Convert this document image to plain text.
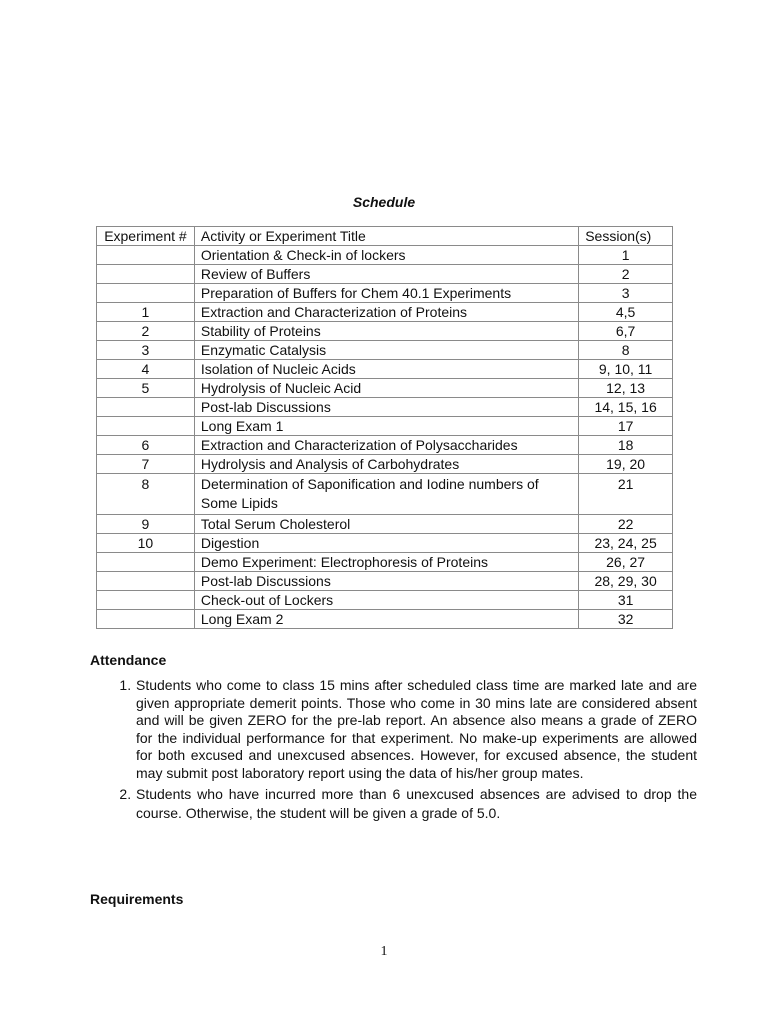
Schedule
Experiment #	Activity or Experiment Title	Session(s)
	Orientation & Check-in of lockers	1
	Review of Buffers	2
	Preparation of Buffers for Chem 40.1 Experiments	3
1	Extraction and Characterization of Proteins	4,5
2	Stability of Proteins	6,7
3	Enzymatic Catalysis	8
4	Isolation of Nucleic Acids	9, 10, 11
5	Hydrolysis of Nucleic Acid	12, 13
	Post-lab Discussions	14, 15, 16
	Long Exam 1	17
6	Extraction and Characterization of Polysaccharides	18
7	Hydrolysis and Analysis of Carbohydrates	19, 20
8	Determination of Saponification and Iodine numbers of Some Lipids	21
9	Total Serum Cholesterol	22
10	Digestion	23, 24, 25
	Demo Experiment: Electrophoresis of Proteins	26, 27
	Post-lab Discussions	28, 29, 30
	Check-out of Lockers	31
	Long Exam 2	32
Attendance
1. Students who come to class 15 mins after scheduled class time are marked late and are given appropriate demerit points. Those who come in 30 mins late are considered absent and will be given ZERO for the pre-lab report. An absence also means a grade of ZERO for the individual performance for that experiment. No make-up experiments are allowed for both excused and unexcused absences. However, for excused absence, the student may submit post laboratory report using the data of his/her group mates.
2. Students who have incurred more than 6 unexcused absences are advised to drop the course. Otherwise, the student will be given a grade of 5.0.
Requirements
1
